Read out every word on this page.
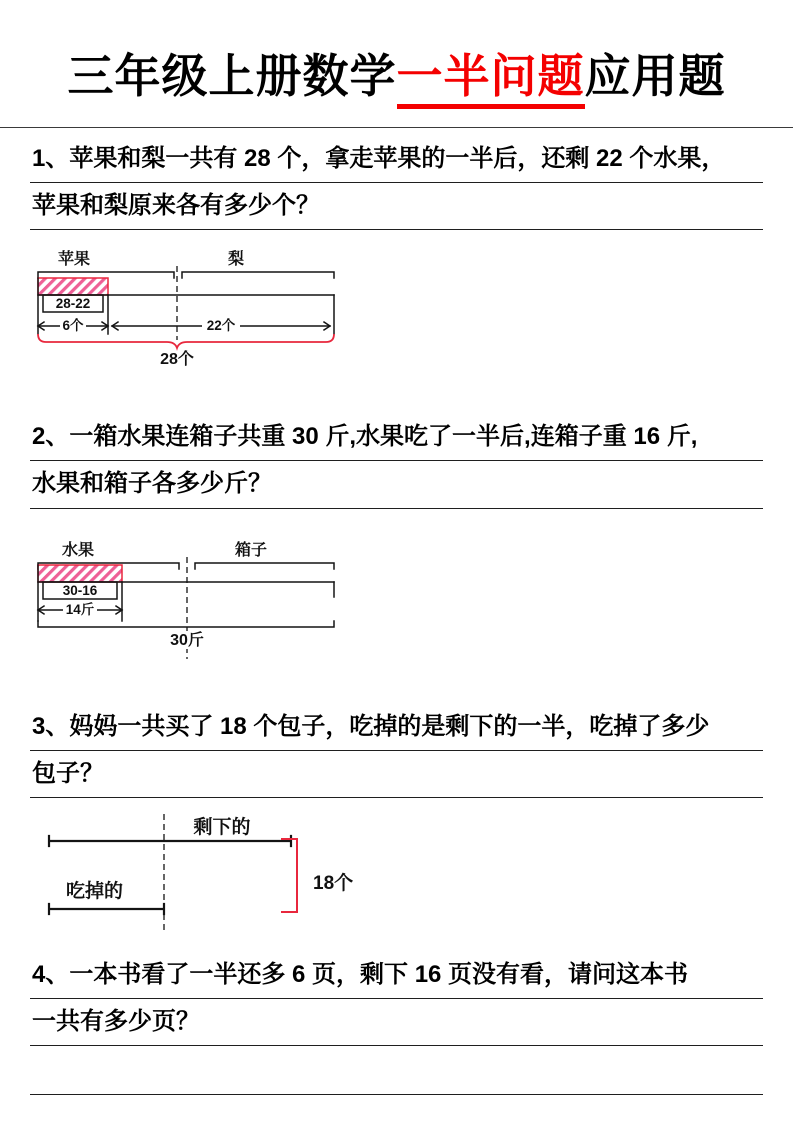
三年级上册数学一半问题应用题
1、苹果和梨一共有 28 个，拿走苹果的一半后，还剩 22 个水果，
苹果和梨原来各有多少个？
苹果	梨
28-22
6个	22个
28个
2、一箱水果连箱子共重 30 斤,水果吃了一半后,连箱子重 16 斤,
水果和箱子各多少斤？
水果	箱子
30-16
14斤
30斤
3、妈妈一共买了 18 个包子，吃掉的是剩下的一半，吃掉了多少
包子？
剩下的
吃掉的	18个
4、一本书看了一半还多 6 页，剩下 16 页没有看，请问这本书
一共有多少页？
